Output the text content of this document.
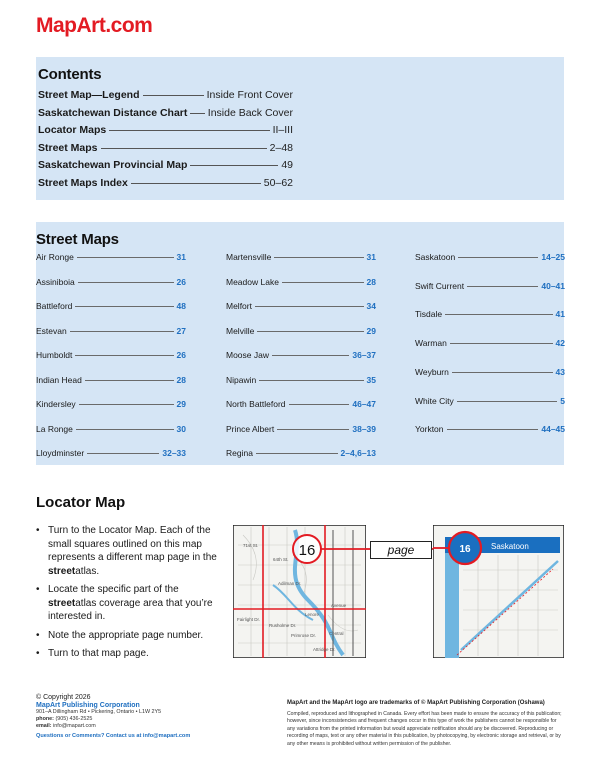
MapArt.com
Contents
Street Map—Legend	Inside Front Cover
Saskatchewan Distance Chart Inside Back Cover
Locator Maps	II–III
Street Maps	2–48
Saskatchewan Provincial Map	49
Street Maps Index	50–62
Street Maps
Air Ronge	31
Assiniboia	26
Battleford	48
Estevan	27
Humboldt	26
Indian Head	28
Kindersley	29
La Ronge	30
Lloydminster	32–33
Martensville	31
Meadow Lake	28
Melfort	34
Melville	29
Moose Jaw	36–37
Nipawin	35
North Battleford	46–47
Prince Albert	38–39
Regina	2–4,6–13
Saskatoon	14–25
Swift Current	40–41
Tisdale	41
Warman	42
Weyburn	43
White City	5
Yorkton	44–45
Locator Map
• Turn to the Locator Map. Each of the small squares outlined on this map represents a different map page in the streetatlas.
• Locate the specific part of the streetatlas coverage area that you’re interested in.
• Note the appropriate page number.
• Turn to that map page.
71st St.
64th St.
Adilman Dr.
Lenore
Avenue
Central
Rusholme Dr.
Primrose Dr.
Attridge Dr.
Fairlight Dr.
16	page	16	Saskatoon
© Copyright 2026
MapArt Publishing Corporation
901–A Dillingham Rd • Pickering, Ontario • L1W 2Y5
phone: (905) 436-2525
email: info@mapart.com
Questions or Comments? Contact us at info@mapart.com
MapArt and the MapArt logo are trademarks of © MapArt Publishing Corporation (Oshawa)
Compiled, reproduced and lithographed in Canada. Every effort has been made to ensure the accuracy of this publication; however, since inconsistencies and frequent changes occur in this type of work the publishers cannot be responsible for any variations from the printed information but would appreciate notification should any be discovered. Reproducing or recording of maps, text or any other material in this publication, by photocopying, by electronic storage and retrieval, or by any other means is prohibited without written permission of the publisher.
